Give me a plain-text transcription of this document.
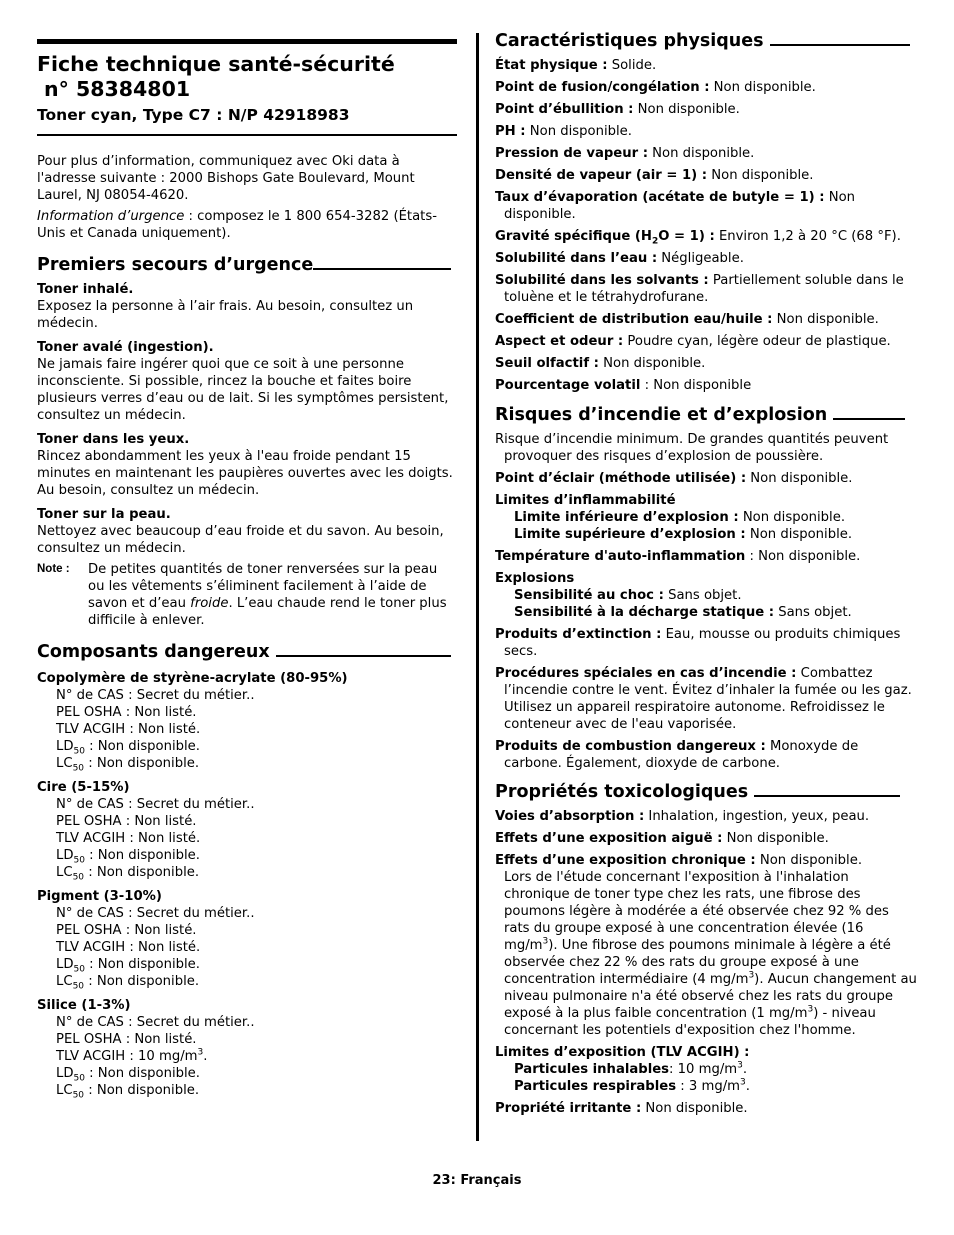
Fiche technique santé-sécurité
n° 58384801
Toner cyan, Type C7 : N/P 42918983

Pour plus d’information, communiquez avec Oki data à l'adresse suivante : 2000 Bishops Gate Boulevard, Mount Laurel, NJ 08054-4620.

Information d’urgence : composez le 1 800 654-3282 (États-Unis et Canada uniquement).

Premiers secours d’urgence
Toner inhalé.

Exposez la personne à l’air frais. Au besoin, consultez un médecin.

Toner avalé (ingestion).

Ne jamais faire ingérer quoi que ce soit à une personne inconsciente. Si possible, rincez la bouche et faites boire plusieurs verres d’eau ou de lait. Si les symptômes persistent, consultez un médecin.

Toner dans les yeux.

Rincez abondamment les yeux à l'eau froide pendant 15 minutes en maintenant les paupières ouvertes avec les doigts. Au besoin, consultez un médecin.

Toner sur la peau.

Nettoyez avec beaucoup d’eau froide et du savon. Au besoin, consultez un médecin.

Note :	De petites quantités de toner renversées sur la peau ou les vêtements s’éliminent facilement à l’aide de savon et d’eau froide. L’eau chaude rend le toner plus difficile à enlever.
Composants dangereux
Copolymère de styrène-acrylate (80-95%)
N° de CAS : Secret du métier..
PEL OSHA : Non listé.
TLV ACGIH : Non listé.
$LD_{50}$ : Non disponible.
$LC_{50}$ : Non disponible.
Cire (5-15%)
N° de CAS : Secret du métier..
PEL OSHA : Non listé.
TLV ACGIH : Non listé.
$LD_{50}$ : Non disponible.
$LC_{50}$ : Non disponible.
Pigment (3-10%)
N° de CAS : Secret du métier..
PEL OSHA : Non listé.
TLV ACGIH : Non listé.
$LD_{50}$ : Non disponible.
$LC_{50}$ : Non disponible.
Silice (1-3%)
N° de CAS : Secret du métier..
PEL OSHA : Non listé.
TLV ACGIH : 10 $mg/m^3$.
$LD_{50}$ : Non disponible.
$LC_{50}$ : Non disponible.
Caractéristiques physiques
État physique : Solide.
Point de fusion/congélation : Non disponible.
Point d’ébullition : Non disponible.
PH : Non disponible.
Pression de vapeur : Non disponible.
Densité de vapeur (air = 1) : Non disponible.
Taux d’évaporation (acétate de butyle = 1) : Non disponible.
Gravité spécifique $(H_2O = 1)$ : Environ 1,2 à 20 °C (68 °F).
Solubilité dans l’eau : Négligeable.
Solubilité dans les solvants : Partiellement soluble dans le toluène et le tétrahydrofurane.
Coefficient de distribution eau/huile : Non disponible.
Aspect et odeur : Poudre cyan, légère odeur de plastique.
Seuil olfactif : Non disponible.
Pourcentage volatil : Non disponible
Risques d’incendie et d’explosion
Risque d’incendie minimum. De grandes quantités peuvent provoquer des risques d’explosion de poussière.
Point d’éclair (méthode utilisée) : Non disponible.
Limites d’inflammabilité
Limite inférieure d’explosion : Non disponible.
Limite supérieure d’explosion : Non disponible.
Température d'auto-inflammation : Non disponible.
Explosions
Sensibilité au choc : Sans objet.
Sensibilité à la décharge statique : Sans objet.
Produits d’extinction : Eau, mousse ou produits chimiques secs.
Procédures spéciales en cas d’incendie : Combattez l’incendie contre le vent. Évitez d’inhaler la fumée ou les gaz. Utilisez un appareil respiratoire autonome. Refroidissez le conteneur avec de l'eau vaporisée.
Produits de combustion dangereux : Monoxyde de carbone. Également, dioxyde de carbone.
Propriétés toxicologiques
Voies d’absorption : Inhalation, ingestion, yeux, peau.
Effets d’une exposition aiguë : Non disponible.
Effets d’une exposition chronique : Non disponible.
Lors de l'étude concernant l'exposition à l'inhalation chronique de toner type chez les rats, une fibrose des poumons légère à modérée a été observée chez 92 % des rats du groupe exposé à une concentration élevée (16 $mg/m^3$). Une fibrose des poumons minimale à légère a été observée chez 22 % des rats du groupe exposé à une concentration intermédiaire (4 $mg/m^3$). Aucun changement au niveau pulmonaire n'a été observé chez les rats du groupe exposé à la plus faible concentration (1 $mg/m^3$) - niveau concernant les potentiels d'exposition chez l'homme.
Limites d’exposition (TLV ACGIH) :
Particules inhalables: 10 $mg/m^3$.
Particules respirables : 3 $mg/m^3$.
Propriété irritante : Non disponible.
23: Français
